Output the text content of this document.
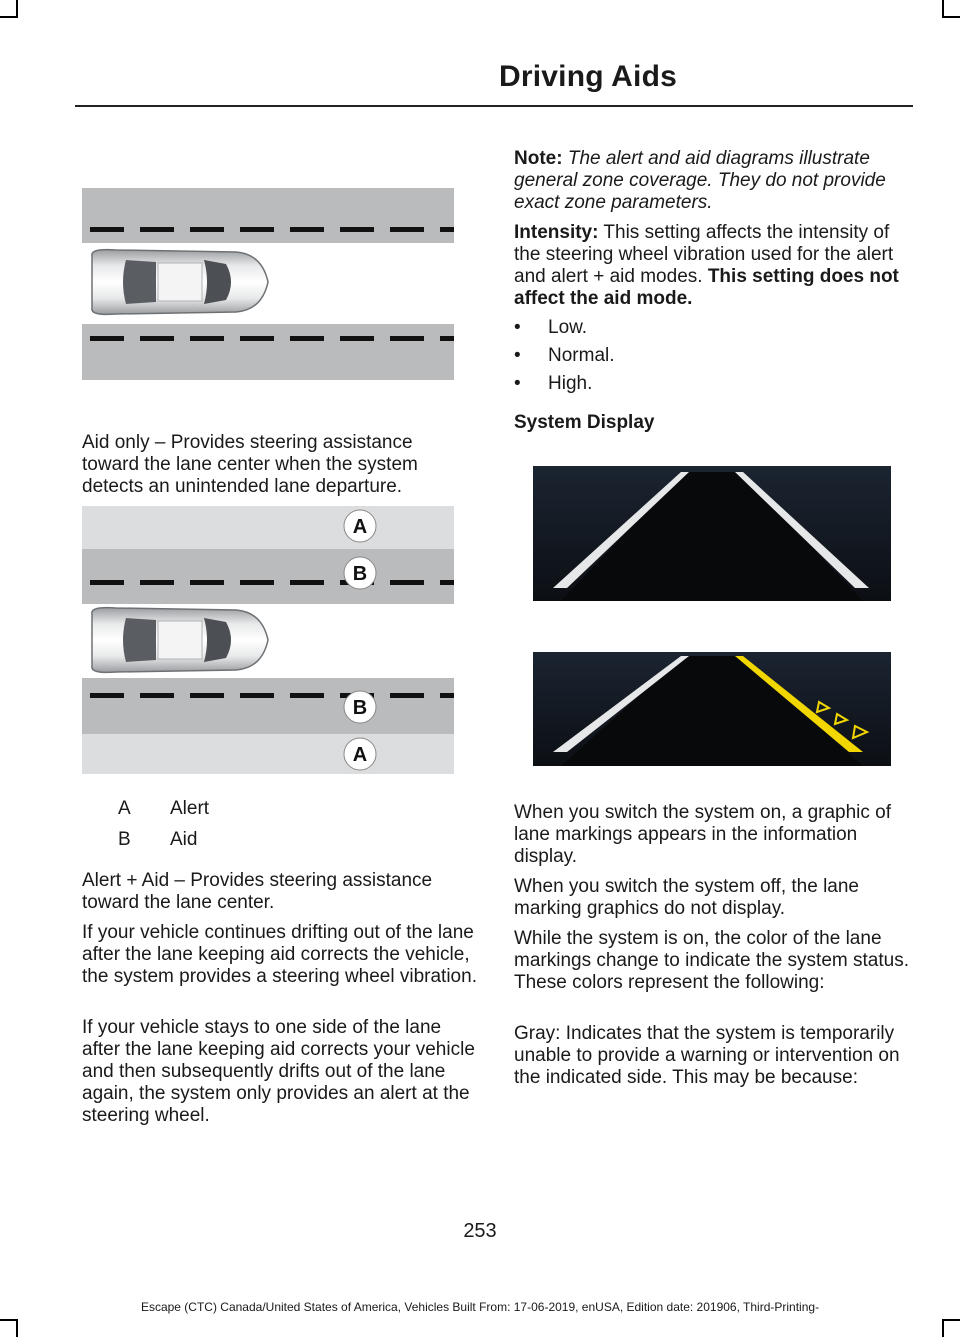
Driving Aids

Aid only – Provides steering assistance toward the lane center when the system detects an unintended lane departure.

A
B
B
A
A Alert
B Aid

Alert + Aid – Provides steering assistance toward the lane center.

If your vehicle continues drifting out of the lane after the lane keeping aid corrects the vehicle, the system provides a steering wheel vibration.

If your vehicle stays to one side of the lane after the lane keeping aid corrects your vehicle and then subsequently drifts out of the lane again, the system only provides an alert at the steering wheel.

Note: The alert and aid diagrams illustrate general zone coverage. They do not provide exact zone parameters.

Intensity: This setting affects the intensity of the steering wheel vibration used for the alert and alert + aid modes. This setting does not affect the aid mode.

• Low.
• Normal.
• High.
System Display

When you switch the system on, a graphic of lane markings appears in the information display.

When you switch the system off, the lane marking graphics do not display.

While the system is on, the color of the lane markings change to indicate the system status. These colors represent the following:

Gray: Indicates that the system is temporarily unable to provide a warning or intervention on the indicated side. This may be because:

253
Escape (CTC) Canada/United States of America, Vehicles Built From: 17-06-2019, enUSA, Edition date: 201906, Third-Printing-
